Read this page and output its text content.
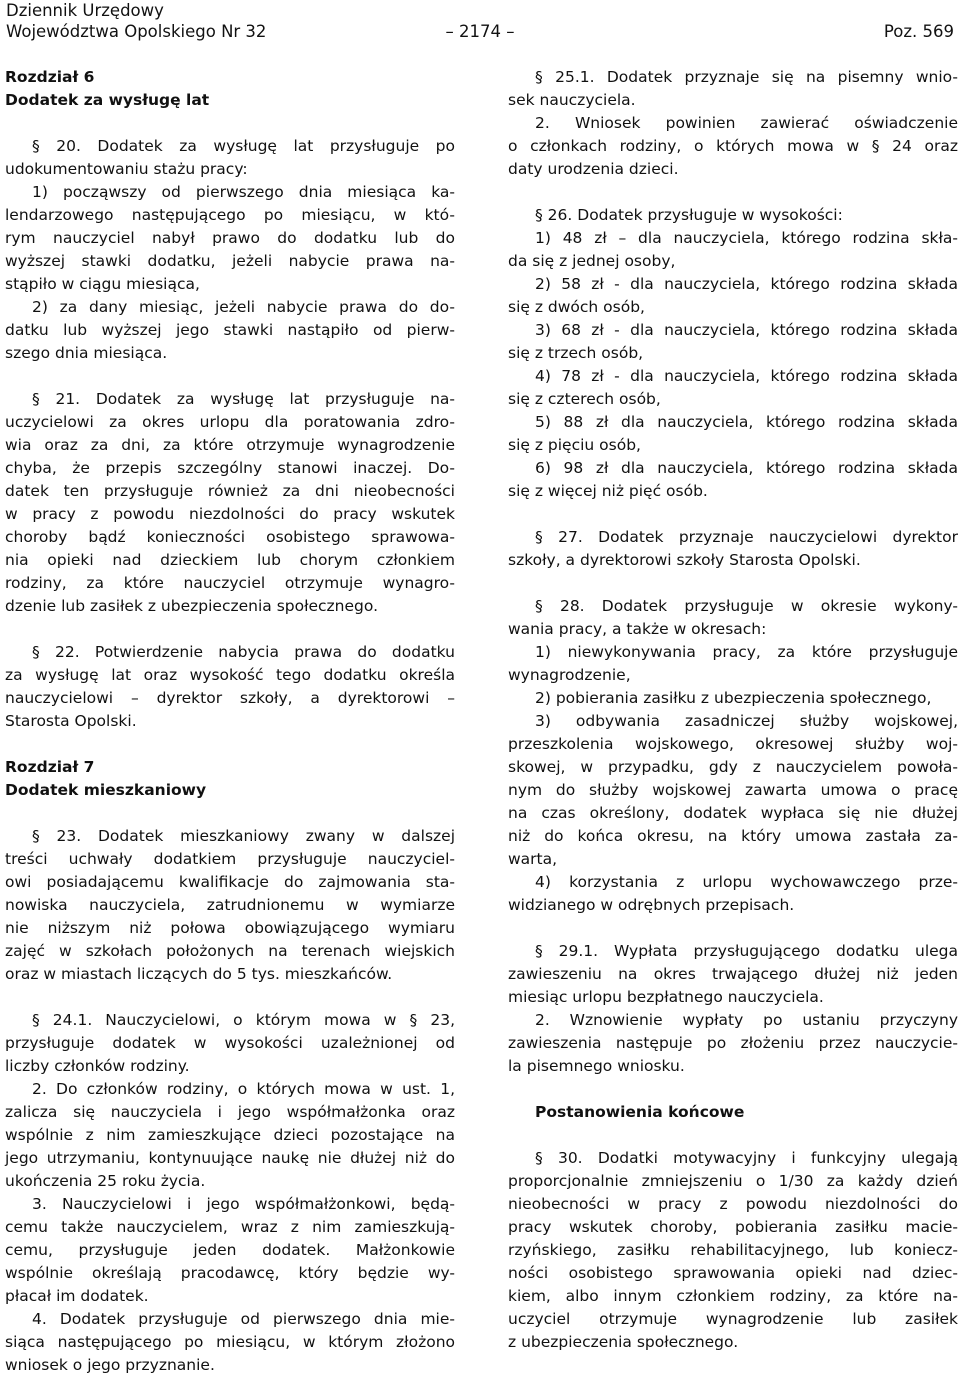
Dziennik Urzędowy
Województwa Opolskiego Nr 32	– 2174 –	Poz. 569
Rozdział 6
Dodatek za wysługę lat
§ 20. Dodatek za wysługę lat przysługuje po
udokumentowaniu stażu pracy:
1) począwszy od pierwszego dnia miesiąca ka-
lendarzowego następującego po miesiącu, w któ-
rym nauczyciel nabył prawo do dodatku lub do
wyższej stawki dodatku, jeżeli nabycie prawa na-
stąpiło w ciągu miesiąca,
2) za dany miesiąc, jeżeli nabycie prawa do do-
datku lub wyższej jego stawki nastąpiło od pierw-
szego dnia miesiąca.
§ 21. Dodatek za wysługę lat przysługuje na-
uczycielowi za okres urlopu dla poratowania zdro-
wia oraz za dni, za które otrzymuje wynagrodzenie
chyba, że przepis szczególny stanowi inaczej. Do-
datek ten przysługuje również za dni nieobecności
w pracy z powodu niezdolności do pracy wskutek
choroby bądź konieczności osobistego sprawowa-
nia opieki nad dzieckiem lub chorym członkiem
rodziny, za które nauczyciel otrzymuje wynagro-
dzenie lub zasiłek z ubezpieczenia społecznego.
§ 22. Potwierdzenie nabycia prawa do dodatku
za wysługę lat oraz wysokość tego dodatku określa
nauczycielowi – dyrektor szkoły, a dyrektorowi –
Starosta Opolski.
Rozdział 7
Dodatek mieszkaniowy
§ 23. Dodatek mieszkaniowy zwany w dalszej
treści uchwały dodatkiem przysługuje nauczyciel-
owi posiadającemu kwalifikacje do zajmowania sta-
nowiska nauczyciela, zatrudnionemu w wymiarze
nie niższym niż połowa obowiązującego wymiaru
zajęć w szkołach położonych na terenach wiejskich
oraz w miastach liczących do 5 tys. mieszkańców.
§ 24.1. Nauczycielowi, o którym mowa w § 23,
przysługuje dodatek w wysokości uzależnionej od
liczby członków rodziny.
2. Do członków rodziny, o których mowa w ust. 1,
zalicza się nauczyciela i jego współmałżonka oraz
wspólnie z nim zamieszkujące dzieci pozostające na
jego utrzymaniu, kontynuujące naukę nie dłużej niż do
ukończenia 25 roku życia.
3. Nauczycielowi i jego współmałżonkowi, będą-
cemu także nauczycielem, wraz z nim zamieszkują-
cemu, przysługuje jeden dodatek. Małżonkowie
wspólnie określają pracodawcę, który będzie wy-
płacał im dodatek.
4. Dodatek przysługuje od pierwszego dnia mie-
siąca następującego po miesiącu, w którym złożono
wniosek o jego przyznanie.
§ 25.1. Dodatek przyznaje się na pisemny wnio-
sek nauczyciela.
2. Wniosek powinien zawierać oświadczenie
o członkach rodziny, o których mowa w § 24 oraz
daty urodzenia dzieci.
§ 26. Dodatek przysługuje w wysokości:
1) 48 zł – dla nauczyciela, którego rodzina skła-
da się z jednej osoby,
2) 58 zł - dla nauczyciela, którego rodzina składa
się z dwóch osób,
3) 68 zł - dla nauczyciela, którego rodzina składa
się z trzech osób,
4) 78 zł - dla nauczyciela, którego rodzina składa
się z czterech osób,
5) 88 zł dla nauczyciela, którego rodzina składa
się z pięciu osób,
6) 98 zł dla nauczyciela, którego rodzina składa
się z więcej niż pięć osób.
§ 27. Dodatek przyznaje nauczycielowi dyrektor
szkoły, a dyrektorowi szkoły Starosta Opolski.
§ 28. Dodatek przysługuje w okresie wykony-
wania pracy, a także w okresach:
1) niewykonywania pracy, za które przysługuje
wynagrodzenie,
2) pobierania zasiłku z ubezpieczenia społecznego,
3) odbywania zasadniczej służby wojskowej,
przeszkolenia wojskowego, okresowej służby woj-
skowej, w przypadku, gdy z nauczycielem powoła-
nym do służby wojskowej zawarta umowa o pracę
na czas określony, dodatek wypłaca się nie dłużej
niż do końca okresu, na który umowa zastała za-
warta,
4) korzystania z urlopu wychowawczego prze-
widzianego w odrębnych przepisach.
§ 29.1. Wypłata przysługującego dodatku ulega
zawieszeniu na okres trwającego dłużej niż jeden
miesiąc urlopu bezpłatnego nauczyciela.
2. Wznowienie wypłaty po ustaniu przyczyny
zawieszenia następuje po złożeniu przez nauczycie-
la pisemnego wniosku.
Postanowienia końcowe
§ 30. Dodatki motywacyjny i funkcyjny ulegają
proporcjonalnie zmniejszeniu o 1/30 za każdy dzień
nieobecności w pracy z powodu niezdolności do
pracy wskutek choroby, pobierania zasiłku macie-
rzyńskiego, zasiłku rehabilitacyjnego, lub koniecz-
ności osobistego sprawowania opieki nad dziec-
kiem, albo innym członkiem rodziny, za które na-
uczyciel otrzymuje wynagrodzenie lub zasiłek
z ubezpieczenia społecznego.
